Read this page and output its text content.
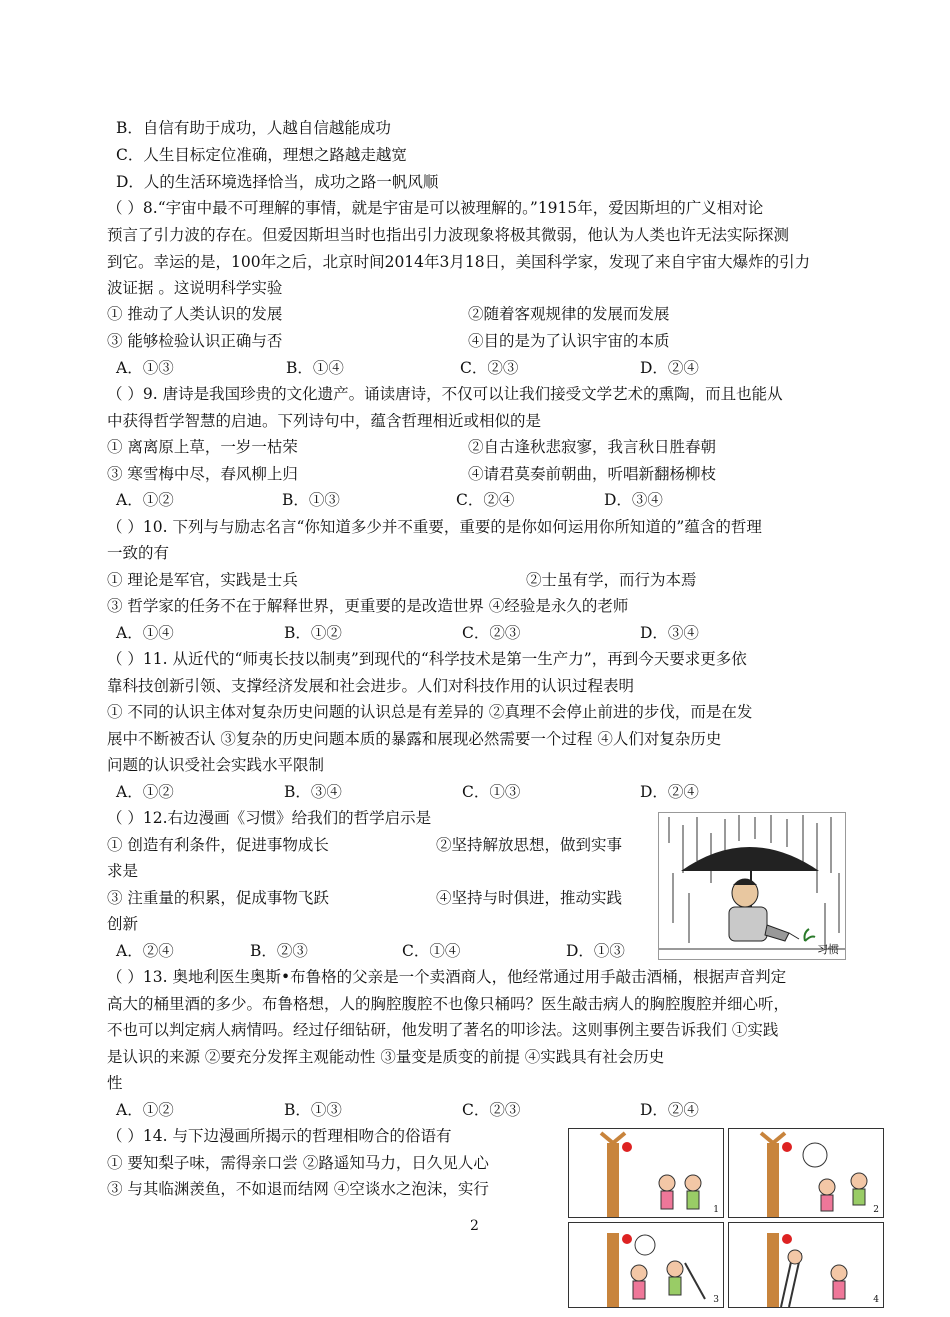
B．自信有助于成功，人越自信越能成功
C．人生目标定位准确，理想之路越走越宽
D．人的生活环境选择恰当，成功之路一帆风顺
（ ）8.“宇宙中最不可理解的事情，就是宇宙是可以被理解的。”1915年，爱因斯坦的广义相对论
预言了引力波的存在。但爱因斯坦当时也指出引力波现象将极其微弱，他认为人类也许无法实际探测
到它。幸运的是，100年之后，北京时间2014年3月18日，美国科学家，发现了来自宇宙大爆炸的引力
波证据 。这说明科学实验
① 推动了人类认识的发展	②随着客观规律的发展而发展
③ 能够检验认识正确与否	④目的是为了认识宇宙的本质
A．①③	B．①④	C．②③	D．②④
（ ）9. 唐诗是我国珍贵的文化遗产。诵读唐诗，不仅可以让我们接受文学艺术的熏陶，而且也能从
中获得哲学智慧的启迪。下列诗句中，蕴含哲理相近或相似的是
① 离离原上草，一岁一枯荣	②自古逢秋悲寂寥，我言秋日胜春朝
③ 寒雪梅中尽，春风柳上归	④请君莫奏前朝曲，听唱新翻杨柳枝
A．①②	B．①③	C．②④	D．③④
（ ）10. 下列与与励志名言“你知道多少并不重要，重要的是你如何运用你所知道的”蕴含的哲理
一致的有
① 理论是军官，实践是士兵	②士虽有学，而行为本焉
③ 哲学家的任务不在于解释世界，更重要的是改造世界 ④经验是永久的老师
A．①④	B．①②	C．②③	D．③④
（ ）11. 从近代的“师夷长技以制夷”到现代的“科学技术是第一生产力”，再到今天要求更多依
靠科技创新引领、支撑经济发展和社会进步。人们对科技作用的认识过程表明
① 不同的认识主体对复杂历史问题的认识总是有差异的 ②真理不会停止前进的步伐，而是在发
展中不断被否认 ③复杂的历史问题本质的暴露和展现必然需要一个过程 ④人们对复杂历史
问题的认识受社会实践水平限制
A．①②	B．③④	C．①③	D．②④
（ ）12.右边漫画《习惯》给我们的哲学启示是
① 创造有利条件，促进事物成长	②坚持解放思想，做到实事
求是
③ 注重量的积累，促成事物飞跃	④坚持与时俱进，推动实践
创新
A．②④	B．②③	C．①④	D．①③	习惯
（ ）13. 奥地利医生奥斯•布鲁格的父亲是一个卖酒商人，他经常通过用手敲击酒桶，根据声音判定
高大的桶里酒的多少。布鲁格想，人的胸腔腹腔不也像只桶吗？医生敲击病人的胸腔腹腔并细心听，
不也可以判定病人病情吗。经过仔细钻研，他发明了著名的叩诊法。这则事例主要告诉我们 ①实践
是认识的来源 ②要充分发挥主观能动性 ③量变是质变的前提 ④实践具有社会历史
性
A．①②	B．①③	C．②③	D．②④
（ ）14. 与下边漫画所揭示的哲理相吻合的俗语有
① 要知梨子味，需得亲口尝 ②路遥知马力，日久见人心
③ 与其临渊羡鱼，不如退而结网 ④空谈水之泡沫，实行
1	2
3	4
2
